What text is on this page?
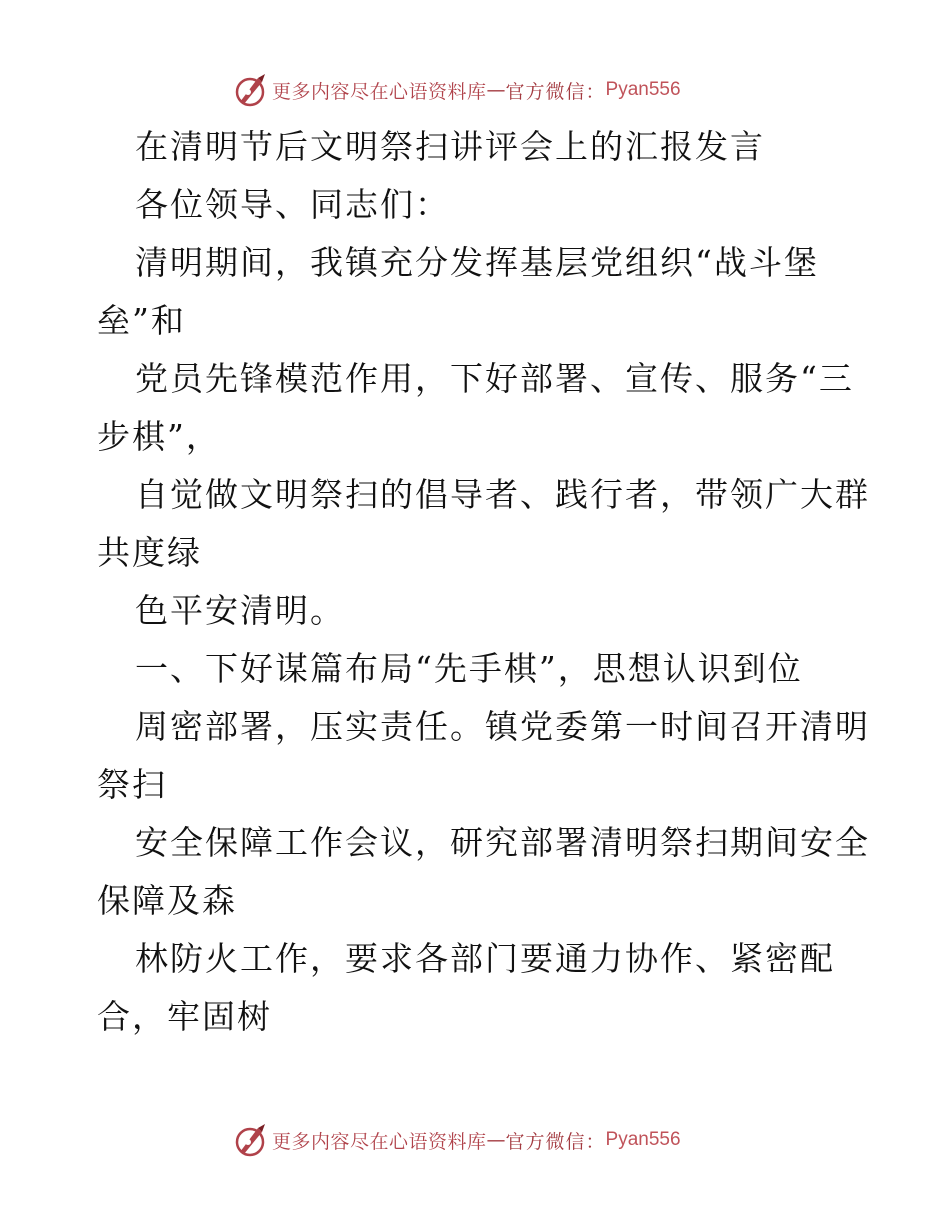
更多内容尽在心语资料库 — 官方微信： Pyan556
在清明节后文明祭扫讲评会上的汇报发言
各位领导、同志们：
清明期间，我镇充分发挥基层党组织“战斗堡
垒”和
党员先锋模范作用，下好部署、宣传、服务“三
步棋”，
自觉做文明祭扫的倡导者、践行者，带领广大群
共度绿
色平安清明。
一、下好谋篇布局“先手棋”，思想认识到位
周密部署，压实责任。镇党委第一时间召开清明
祭扫
安全保障工作会议，研究部署清明祭扫期间安全
保障及森
林防火工作，要求各部门要通力协作、紧密配
合，牢固树
更多内容尽在心语资料库 — 官方微信： Pyan556
